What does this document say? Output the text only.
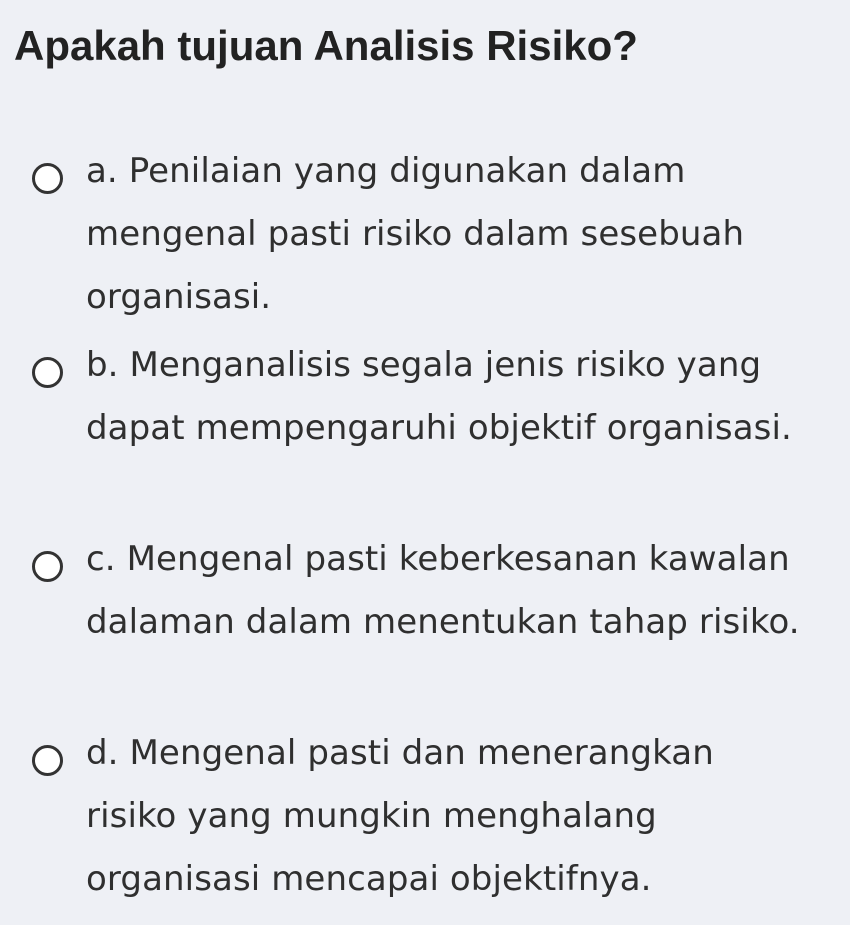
Apakah tujuan Analisis Risiko?
a. Penilaian yang digunakan dalam mengenal pasti risiko dalam sesebuah organisasi.
b. Menganalisis segala jenis risiko yang dapat mempengaruhi objektif organisasi.
c. Mengenal pasti keberkesanan kawalan dalaman dalam menentukan tahap risiko.
d. Mengenal pasti dan menerangkan risiko yang mungkin menghalang organisasi mencapai objektifnya.
